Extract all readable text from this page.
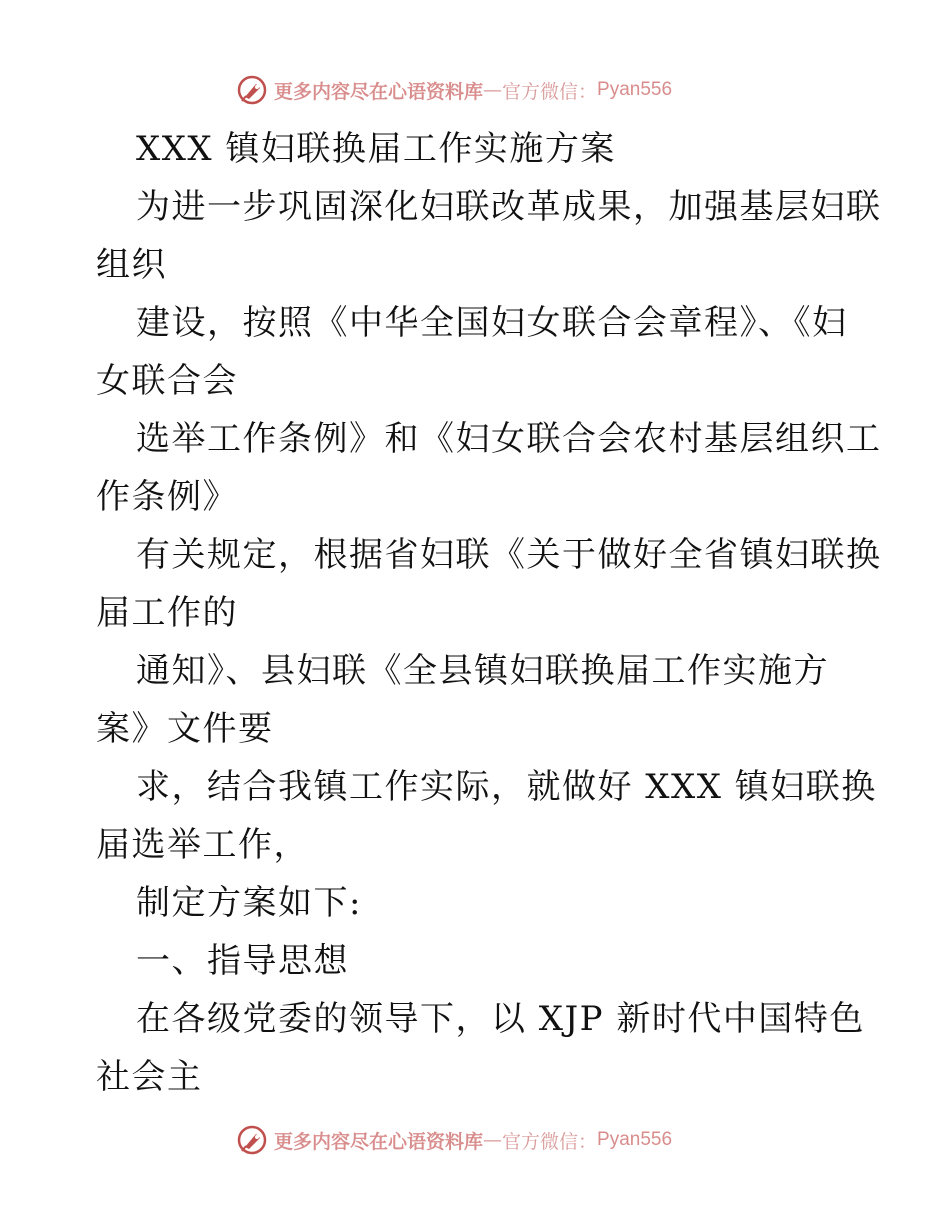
更多内容尽在心语资料库 — 官方微信： Pyan556

XXX 镇妇联换届工作实施方案

为进一步巩固深化妇联改革成果，加强基层妇联

组织

建设，按照《中华全国妇女联合会章程》、《妇

女联合会

选举工作条例》和《妇女联合会农村基层组织工

作条例》

有关规定，根据省妇联《关于做好全省镇妇联换

届工作的

通知》、县妇联《全县镇妇联换届工作实施方

案》文件要

求，结合我镇工作实际，就做好 XXX 镇妇联换

届选举工作，

制定方案如下:

一、指导思想

在各级党委的领导下，以 XJP 新时代中国特色

社会主

更多内容尽在心语资料库 — 官方微信： Pyan556
